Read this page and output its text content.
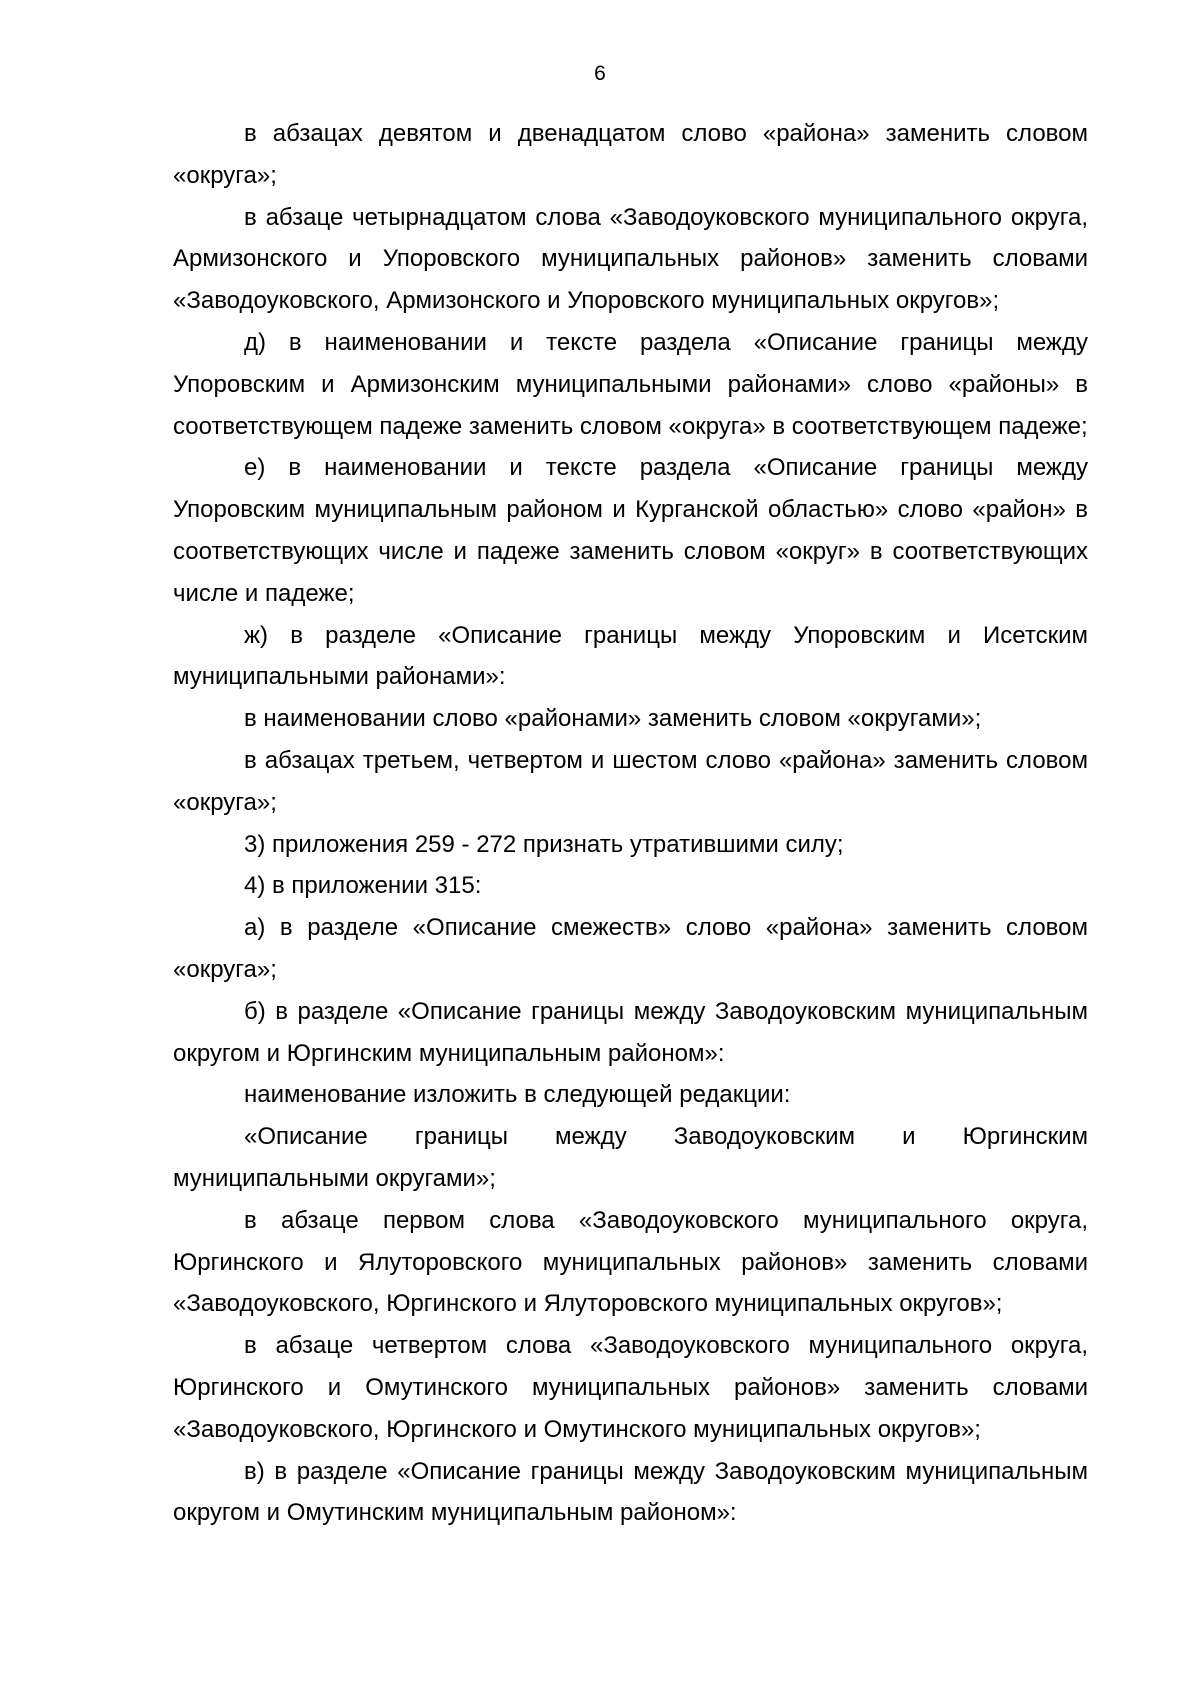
6

в абзацах девятом и двенадцатом слово «района» заменить словом «округа»;

в абзаце четырнадцатом слова «Заводоуковского муниципального округа, Армизонского и Упоровского муниципальных районов» заменить словами «Заводоуковского, Армизонского и Упоровского муниципальных округов»;

д) в наименовании и тексте раздела «Описание границы между Упоровским и Армизонским муниципальными районами» слово «районы» в соответствующем падеже заменить словом «округа» в соответствующем падеже;

е) в наименовании и тексте раздела «Описание границы между Упоровским муниципальным районом и Курганской областью» слово «район» в соответствующих числе и падеже заменить словом «округ» в соответствующих числе и падеже;

ж) в разделе «Описание границы между Упоровским и Исетским муниципальными районами»:

в наименовании слово «районами» заменить словом «округами»;

в абзацах третьем, четвертом и шестом слово «района» заменить словом «округа»;

3) приложения 259 - 272 признать утратившими силу;

4) в приложении 315:

а) в разделе «Описание смежеств» слово «района» заменить словом «округа»;

б) в разделе «Описание границы между Заводоуковским муниципальным округом и Юргинским муниципальным районом»:

наименование изложить в следующей редакции:

«Описание границы между Заводоуковским и Юргинским муниципальными округами»;

в абзаце первом слова «Заводоуковского муниципального округа, Юргинского и Ялуторовского муниципальных районов» заменить словами «Заводоуковского, Юргинского и Ялуторовского муниципальных округов»;

в абзаце четвертом слова «Заводоуковского муниципального округа, Юргинского и Омутинского муниципальных районов» заменить словами «Заводоуковского, Юргинского и Омутинского муниципальных округов»;

в) в разделе «Описание границы между Заводоуковским муниципальным округом и Омутинским муниципальным районом»:
